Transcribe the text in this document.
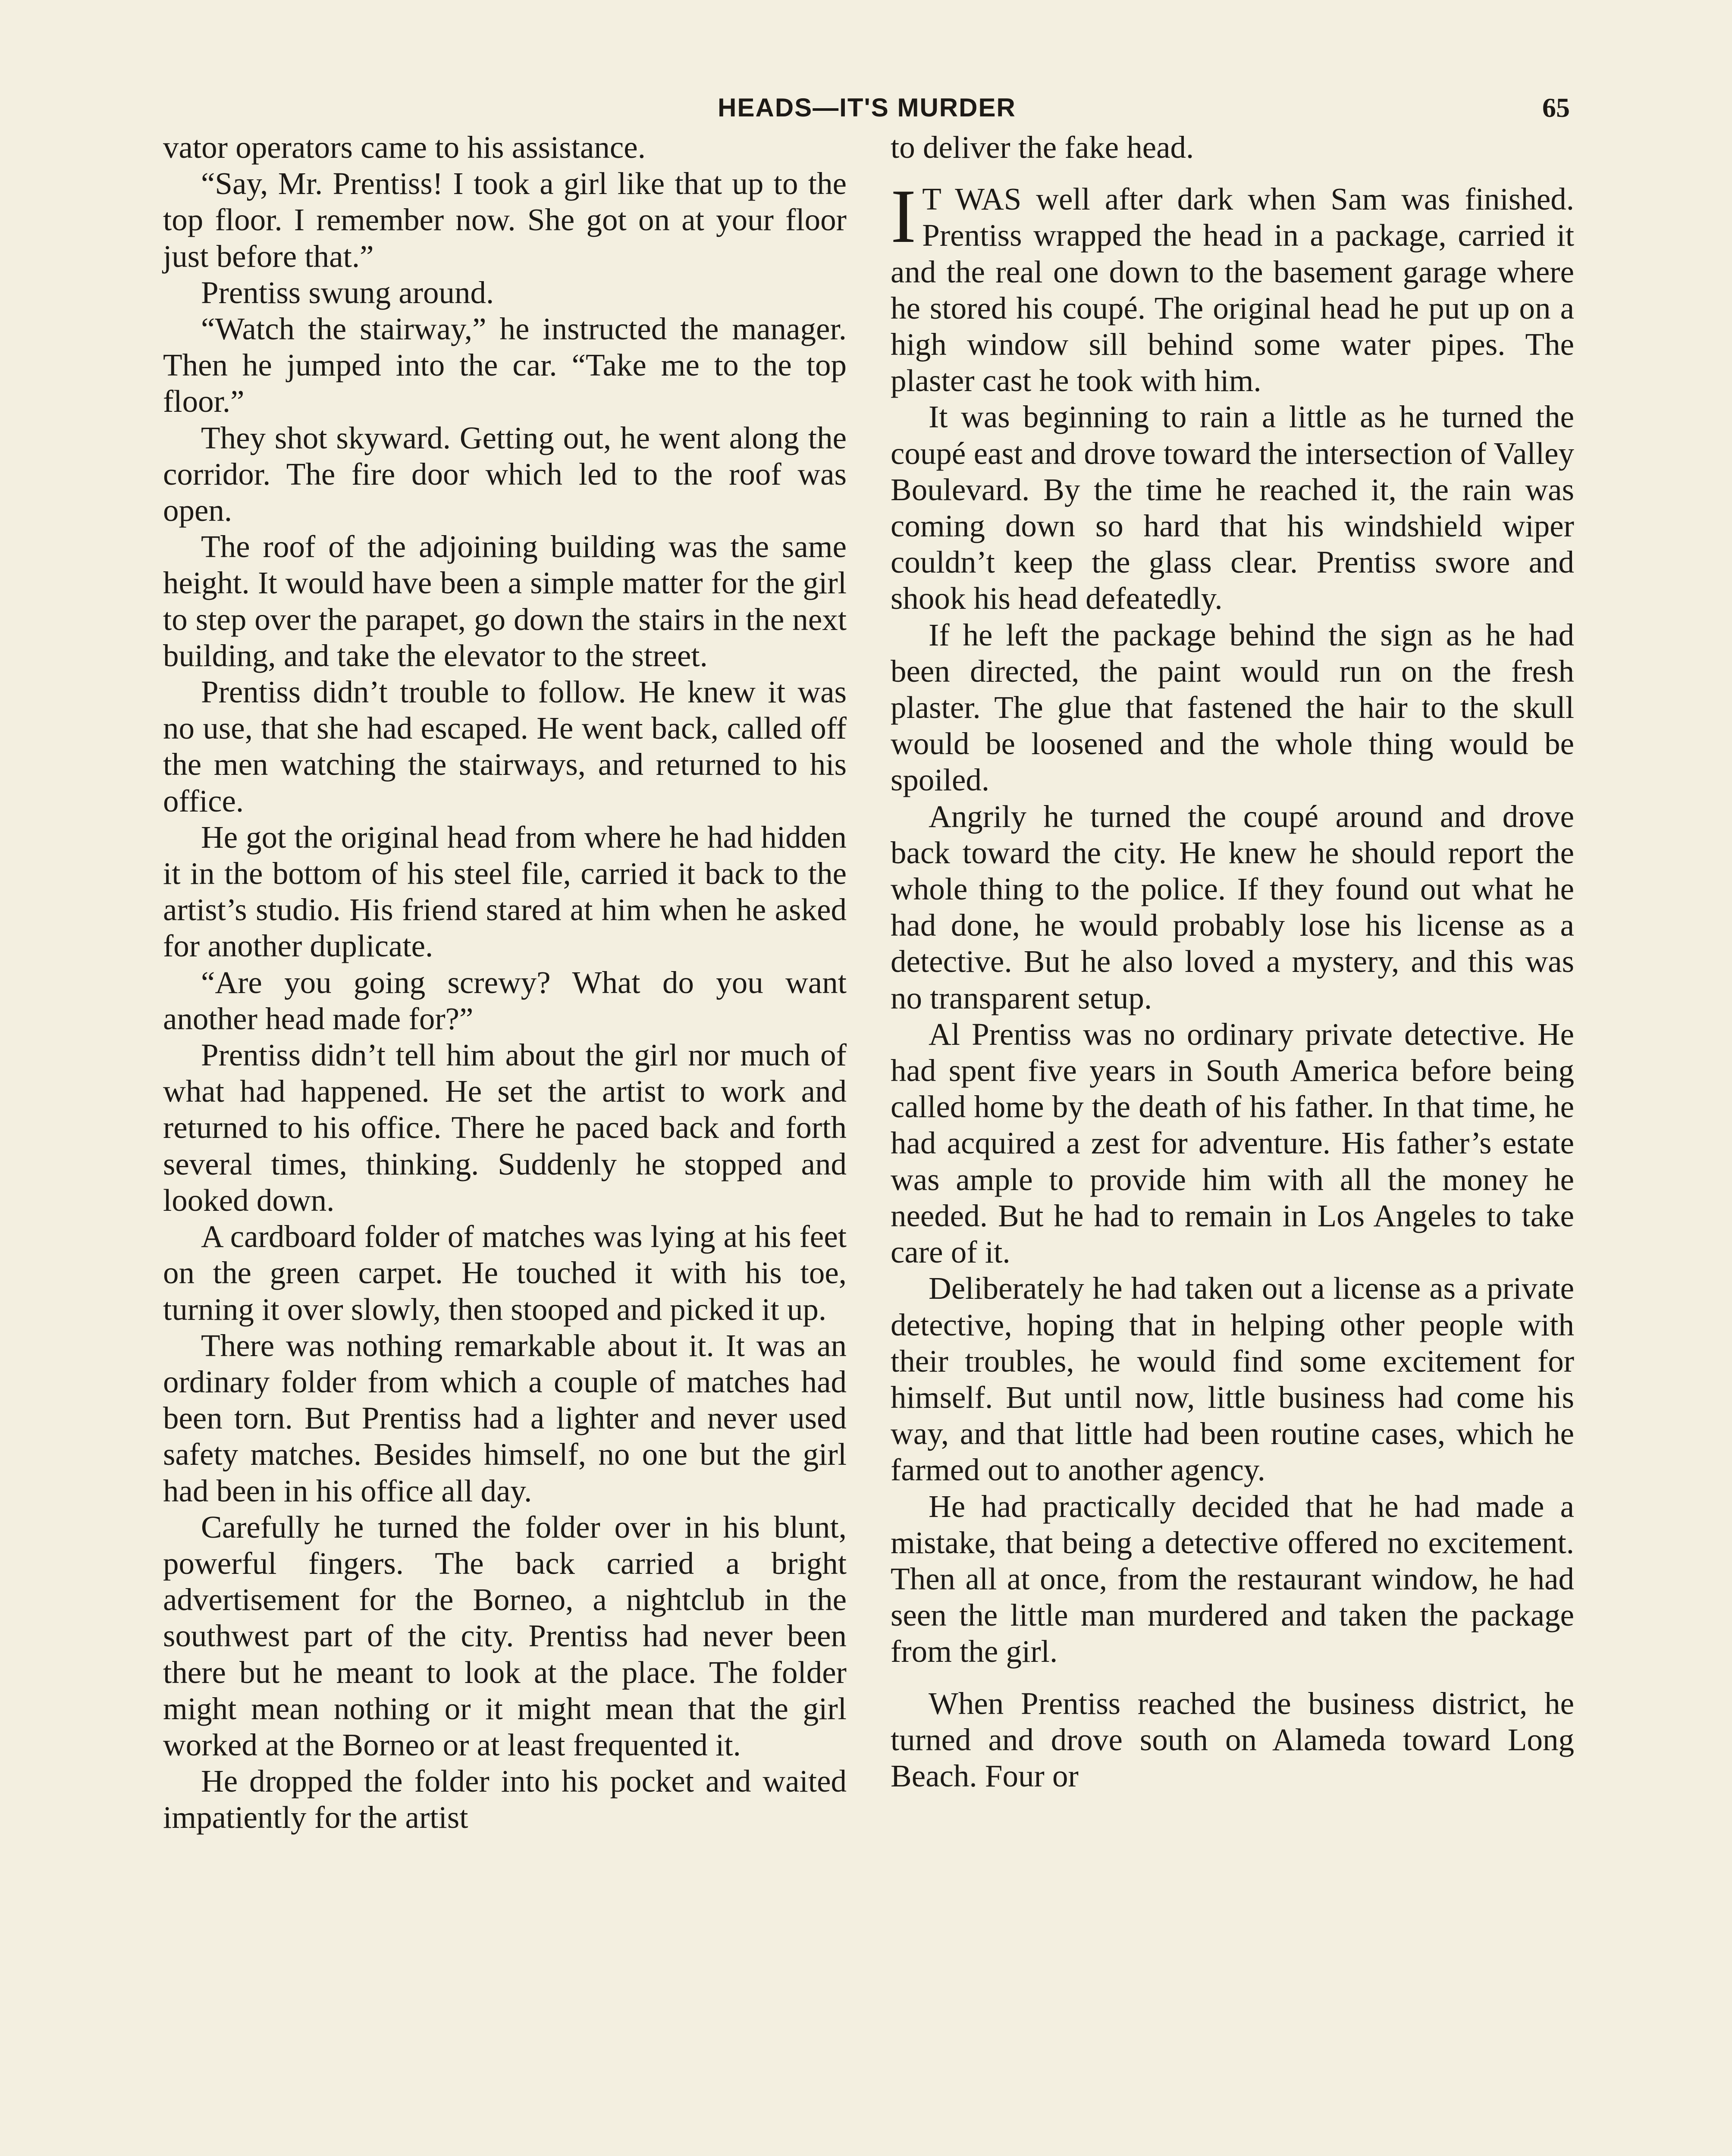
HEADS—IT'S MURDER	65

vator operators came to his assistance.

“Say, Mr. Prentiss! I took a girl like that up to the top floor. I remember now. She got on at your floor just before that.”

Prentiss swung around.

“Watch the stairway,” he instructed the manager. Then he jumped into the car. “Take me to the top floor.”

They shot skyward. Getting out, he went along the corridor. The fire door which led to the roof was open.

The roof of the adjoining building was the same height. It would have been a simple matter for the girl to step over the parapet, go down the stairs in the next building, and take the elevator to the street.

Prentiss didn’t trouble to follow. He knew it was no use, that she had escaped. He went back, called off the men watching the stairways, and returned to his office.

He got the original head from where he had hidden it in the bottom of his steel file, carried it back to the artist’s studio. His friend stared at him when he asked for another duplicate.

“Are you going screwy? What do you want another head made for?”

Prentiss didn’t tell him about the girl nor much of what had happened. He set the artist to work and returned to his office. There he paced back and forth several times, thinking. Suddenly he stopped and looked down.

A cardboard folder of matches was lying at his feet on the green carpet. He touched it with his toe, turning it over slowly, then stooped and picked it up.

There was nothing remarkable about it. It was an ordinary folder from which a couple of matches had been torn. But Prentiss had a lighter and never used safety matches. Besides himself, no one but the girl had been in his office all day.

Carefully he turned the folder over in his blunt, powerful fingers. The back carried a bright advertisement for the Borneo, a nightclub in the southwest part of the city. Prentiss had never been there but he meant to look at the place. The folder might mean nothing or it might mean that the girl worked at the Borneo or at least frequented it.

He dropped the folder into his pocket and waited impatiently for the artist

to deliver the fake head.

I T WAS well after dark when Sam was finished. Prentiss wrapped the head in a package, carried it and the real one down to the basement garage where he stored his coupé. The original head he put up on a high window sill behind some water pipes. The plaster cast he took with him.

It was beginning to rain a little as he turned the coupé east and drove toward the intersection of Valley Boulevard. By the time he reached it, the rain was coming down so hard that his windshield wiper couldn’t keep the glass clear. Prentiss swore and shook his head defeatedly.

If he left the package behind the sign as he had been directed, the paint would run on the fresh plaster. The glue that fastened the hair to the skull would be loosened and the whole thing would be spoiled.

Angrily he turned the coupé around and drove back toward the city. He knew he should report the whole thing to the police. If they found out what he had done, he would probably lose his license as a detective. But he also loved a mystery, and this was no transparent setup.

Al Prentiss was no ordinary private detective. He had spent five years in South America before being called home by the death of his father. In that time, he had acquired a zest for adventure. His father’s estate was ample to provide him with all the money he needed. But he had to remain in Los Angeles to take care of it.

Deliberately he had taken out a license as a private detective, hoping that in helping other people with their troubles, he would find some excitement for himself. But until now, little business had come his way, and that little had been routine cases, which he farmed out to another agency.

He had practically decided that he had made a mistake, that being a detective offered no excitement. Then all at once, from the restaurant window, he had seen the little man murdered and taken the package from the girl.

When Prentiss reached the business district, he turned and drove south on Alameda toward Long Beach. Four or
